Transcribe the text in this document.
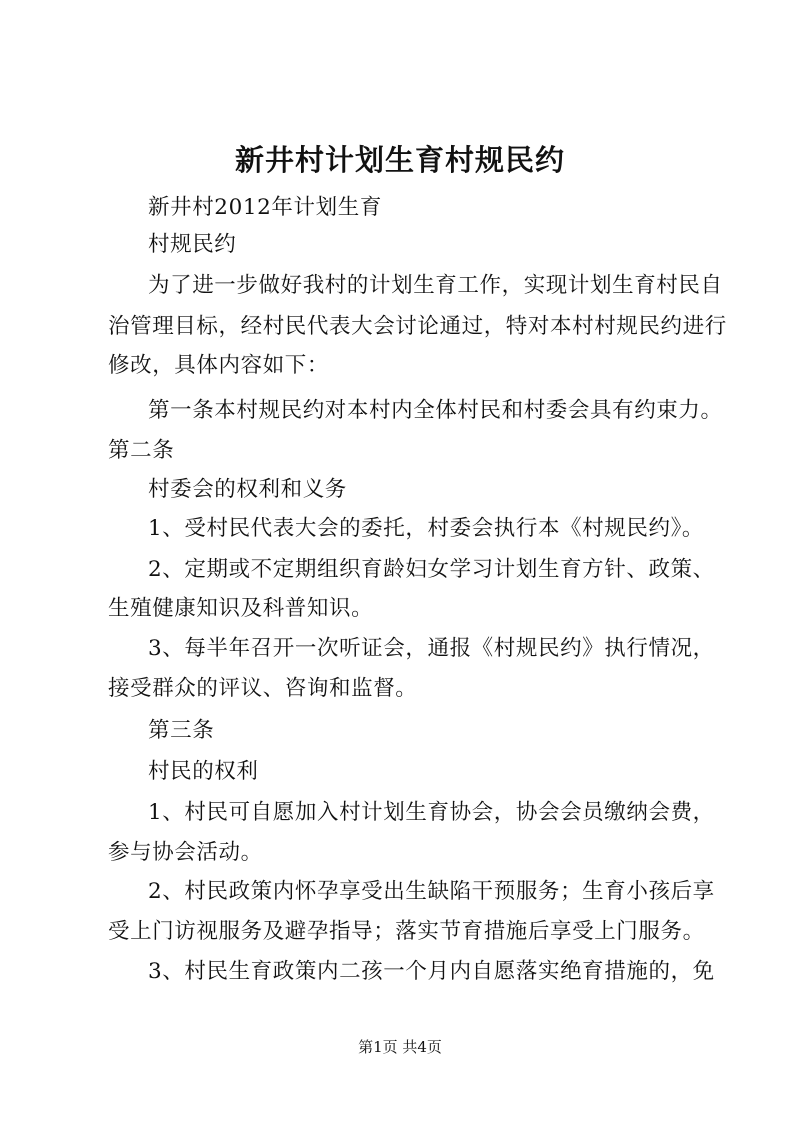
新井村计划生育村规民约
新井村2012年计划生育
村规民约
为了进一步做好我村的计划生育工作，实现计划生育村民自
治管理目标，经村民代表大会讨论通过，特对本村村规民约进行
修改，具体内容如下：
第一条本村规民约对本村内全体村民和村委会具有约束力。
第二条
村委会的权利和义务
1、受村民代表大会的委托，村委会执行本《村规民约》。
2、定期或不定期组织育龄妇女学习计划生育方针、政策、
生殖健康知识及科普知识。
3、每半年召开一次听证会，通报《村规民约》执行情况，
接受群众的评议、咨询和监督。
第三条
村民的权利
1、村民可自愿加入村计划生育协会，协会会员缴纳会费，
参与协会活动。
2、村民政策内怀孕享受出生缺陷干预服务；生育小孩后享
受上门访视服务及避孕指导；落实节育措施后享受上门服务。
3、村民生育政策内二孩一个月内自愿落实绝育措施的，免
第1页 共4页
